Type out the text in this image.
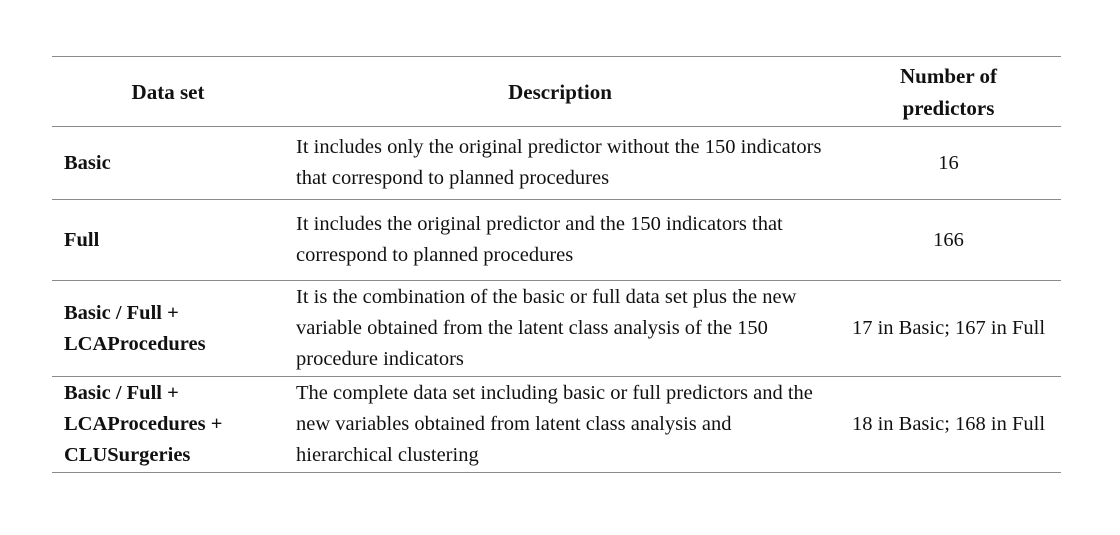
Data set	Description	Number of
predictors

Basic	It includes only the original predictor without the 150 indicators that correspond to planned procedures	16

Full	It includes the original predictor and the 150 indicators that correspond to planned procedures	166

Basic / Full +
LCAProcedures	It is the combination of the basic or full data set plus the new variable obtained from the latent class analysis of the 150 procedure indicators	17 in Basic; 167 in Full

Basic / Full +
LCAProcedures +
CLUSurgeries	The complete data set including basic or full predictors and the new variables obtained from latent class analysis and hierarchical clustering	18 in Basic; 168 in Full
